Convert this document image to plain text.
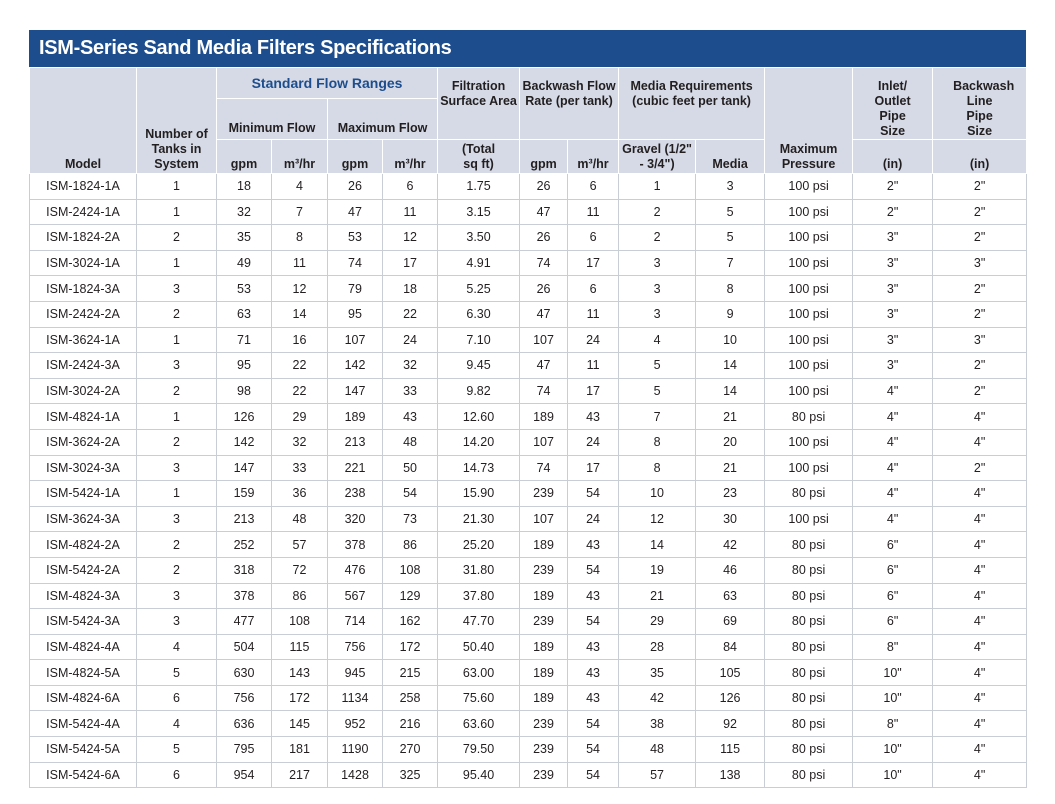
ISM-Series Sand Media Filters Specifications
Model	Number of Tanks in System	Standard Flow Ranges				Filtration Surface Area	Backwash Flow Rate (per tank)		Media Requirements (cubic feet per tank)		Maximum Pressure	Inlet/ Outlet Pipe Size	Backwash Line Pipe Size
		Minimum Flow		Maximum Flow									
		gpm	m³/hr	gpm	m³/hr	(Total sq ft)	gpm	m³/hr	Gravel (1/2" - 3/4")	Media		(in)	(in)
ISM-1824-1A	1	18	4	26	6	1.75	26	6	1	3	100 psi	2"	2"
ISM-2424-1A	1	32	7	47	11	3.15	47	11	2	5	100 psi	2"	2"
ISM-1824-2A	2	35	8	53	12	3.50	26	6	2	5	100 psi	3"	2"
ISM-3024-1A	1	49	11	74	17	4.91	74	17	3	7	100 psi	3"	3"
ISM-1824-3A	3	53	12	79	18	5.25	26	6	3	8	100 psi	3"	2"
ISM-2424-2A	2	63	14	95	22	6.30	47	11	3	9	100 psi	3"	2"
ISM-3624-1A	1	71	16	107	24	7.10	107	24	4	10	100 psi	3"	3"
ISM-2424-3A	3	95	22	142	32	9.45	47	11	5	14	100 psi	3"	2"
ISM-3024-2A	2	98	22	147	33	9.82	74	17	5	14	100 psi	4"	2"
ISM-4824-1A	1	126	29	189	43	12.60	189	43	7	21	80 psi	4"	4"
ISM-3624-2A	2	142	32	213	48	14.20	107	24	8	20	100 psi	4"	4"
ISM-3024-3A	3	147	33	221	50	14.73	74	17	8	21	100 psi	4"	2"
ISM-5424-1A	1	159	36	238	54	15.90	239	54	10	23	80 psi	4"	4"
ISM-3624-3A	3	213	48	320	73	21.30	107	24	12	30	100 psi	4"	4"
ISM-4824-2A	2	252	57	378	86	25.20	189	43	14	42	80 psi	6"	4"
ISM-5424-2A	2	318	72	476	108	31.80	239	54	19	46	80 psi	6"	4"
ISM-4824-3A	3	378	86	567	129	37.80	189	43	21	63	80 psi	6"	4"
ISM-5424-3A	3	477	108	714	162	47.70	239	54	29	69	80 psi	6"	4"
ISM-4824-4A	4	504	115	756	172	50.40	189	43	28	84	80 psi	8"	4"
ISM-4824-5A	5	630	143	945	215	63.00	189	43	35	105	80 psi	10"	4"
ISM-4824-6A	6	756	172	1134	258	75.60	189	43	42	126	80 psi	10"	4"
ISM-5424-4A	4	636	145	952	216	63.60	239	54	38	92	80 psi	8"	4"
ISM-5424-5A	5	795	181	1190	270	79.50	239	54	48	115	80 psi	10"	4"
ISM-5424-6A	6	954	217	1428	325	95.40	239	54	57	138	80 psi	10"	4"
